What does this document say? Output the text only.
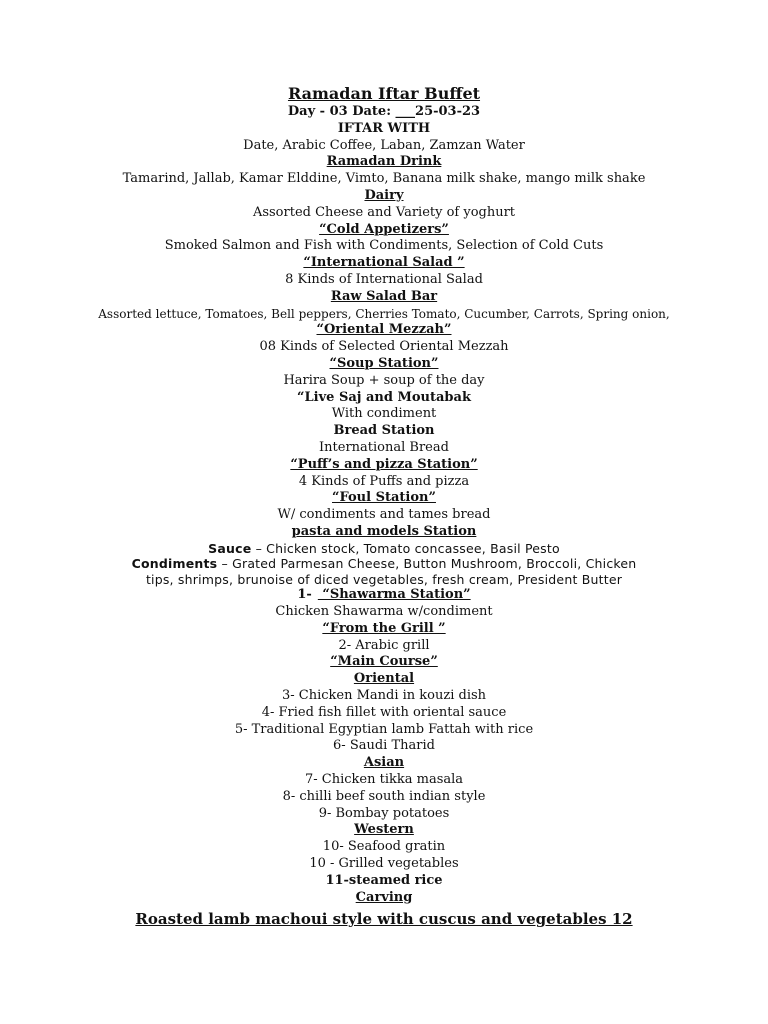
Ramadan Iftar Buffet
Day - 03 Date: ___25-03-23
IFTAR WITH
Date, Arabic Coffee, Laban, Zamzan Water
Ramadan Drink
Tamarind, Jallab, Kamar Elddine, Vimto, Banana milk shake, mango milk shake
Dairy
Assorted Cheese and Variety of yoghurt
“Cold Appetizers”
Smoked Salmon and Fish with Condiments, Selection of Cold Cuts
“International Salad ”
8 Kinds of International Salad
Raw Salad Bar
Assorted lettuce, Tomatoes, Bell peppers, Cherries Tomato, Cucumber, Carrots, Spring onion,
“Oriental Mezzah”
08 Kinds of Selected Oriental Mezzah
“Soup Station”
Harira Soup + soup of the day
“Live Saj and Moutabak
With condiment
Bread Station
International Bread
“Puff’s and pizza Station”
4 Kinds of Puffs and pizza
“Foul Station”
W/ condiments and tames bread
pasta and models Station
Sauce – Chicken stock, Tomato concassee, Basil Pesto
Condiments – Grated Parmesan Cheese, Button Mushroom, Broccoli, Chicken
tips, shrimps, brunoise of diced vegetables, fresh cream, President Butter
1- “Shawarma Station”
Chicken Shawarma w/condiment
“From the Grill ”
2- Arabic grill
“Main Course”
Oriental
3- Chicken Mandi in kouzi dish
4- Fried fish fillet with oriental sauce
5- Traditional Egyptian lamb Fattah with rice
6- Saudi Tharid
Asian
7- Chicken tikka masala
8- chilli beef south indian style
9- Bombay potatoes
Western
10- Seafood gratin
10 - Grilled vegetables
11-steamed rice
Carving
Roasted lamb machoui style with cuscus and vegetables 12
